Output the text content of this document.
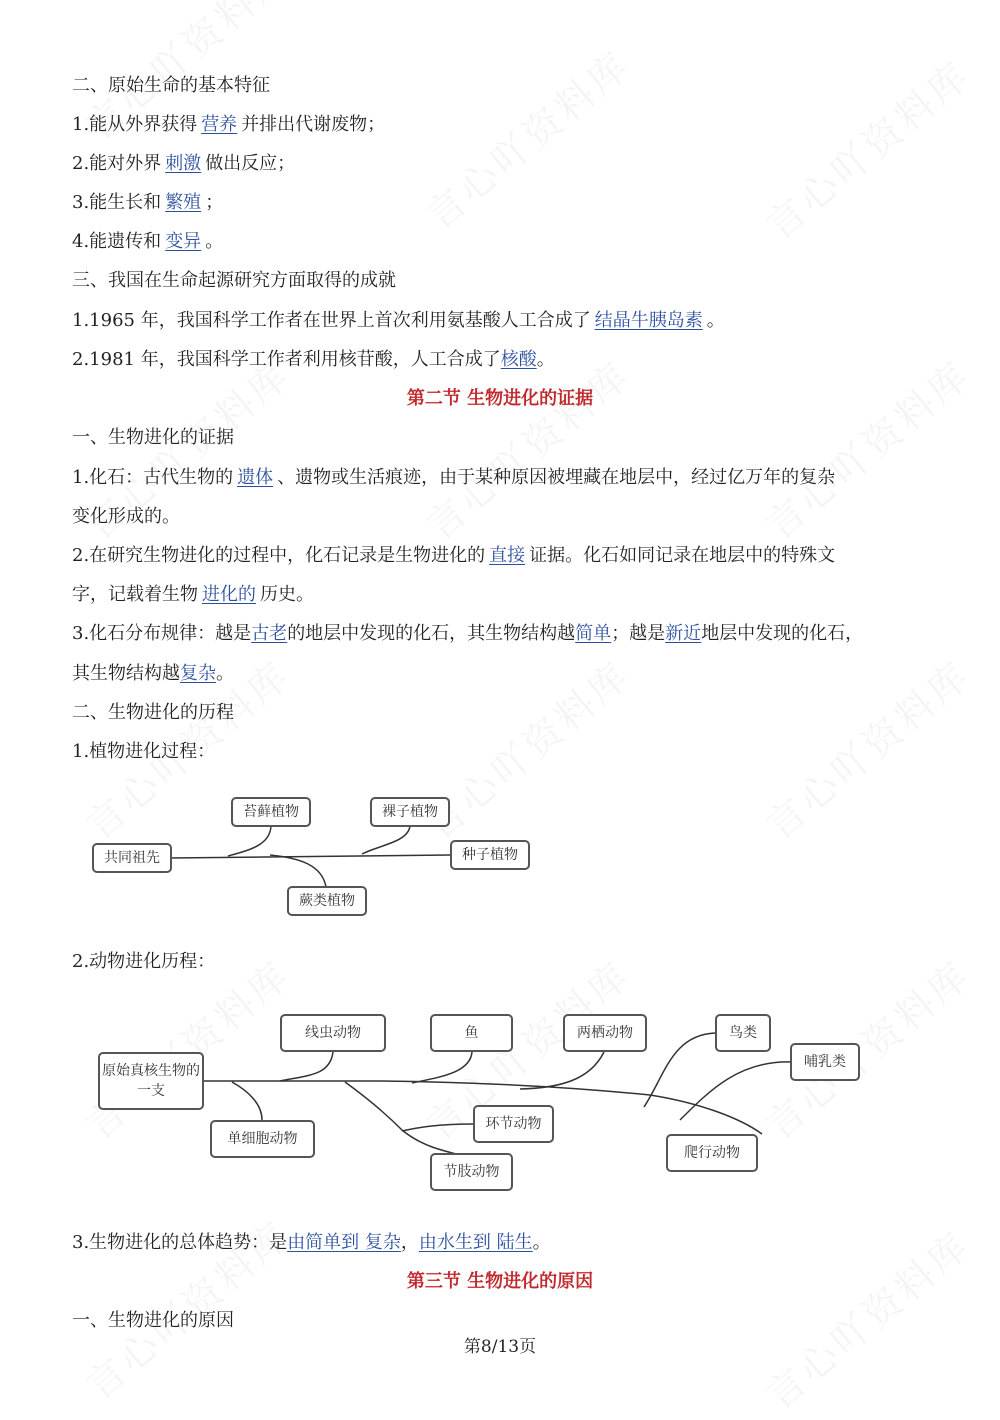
二、原始生命的基本特征
1.能从外界获得 营养 并排出代谢废物；
2.能对外界 刺激 做出反应；
3.能生长和 繁殖 ；
4.能遗传和 变异 。
三、我国在生命起源研究方面取得的成就
1.1965 年，我国科学工作者在世界上首次利用氨基酸人工合成了 结晶牛胰岛素 。
2.1981 年，我国科学工作者利用核苷酸，人工合成了核酸。
第二节 生物进化的证据
一、生物进化的证据
1.化石：古代生物的 遗体 、遗物或生活痕迹，由于某种原因被埋藏在地层中，经过亿万年的复杂
变化形成的。
2.在研究生物进化的过程中，化石记录是生物进化的 直接 证据。化石如同记录在地层中的特殊文
字，记载着生物 进化的 历史。
3.化石分布规律：越是古老的地层中发现的化石，其生物结构越简单；越是新近地层中发现的化石，
其生物结构越复杂。
二、生物进化的历程
1.植物进化过程：
苔藓植物	裸子植物
共同祖先	种子植物
蕨类植物
2.动物进化历程：
原始真核生物的一支
线虫动物	鱼	两栖动物	鸟类
哺乳类
单细胞动物
环节动物
节肢动物
爬行动物
3.生物进化的总体趋势：是由简单到 复杂，由水生到 陆生。
第三节 生物进化的原因
一、生物进化的原因
第8/13页
